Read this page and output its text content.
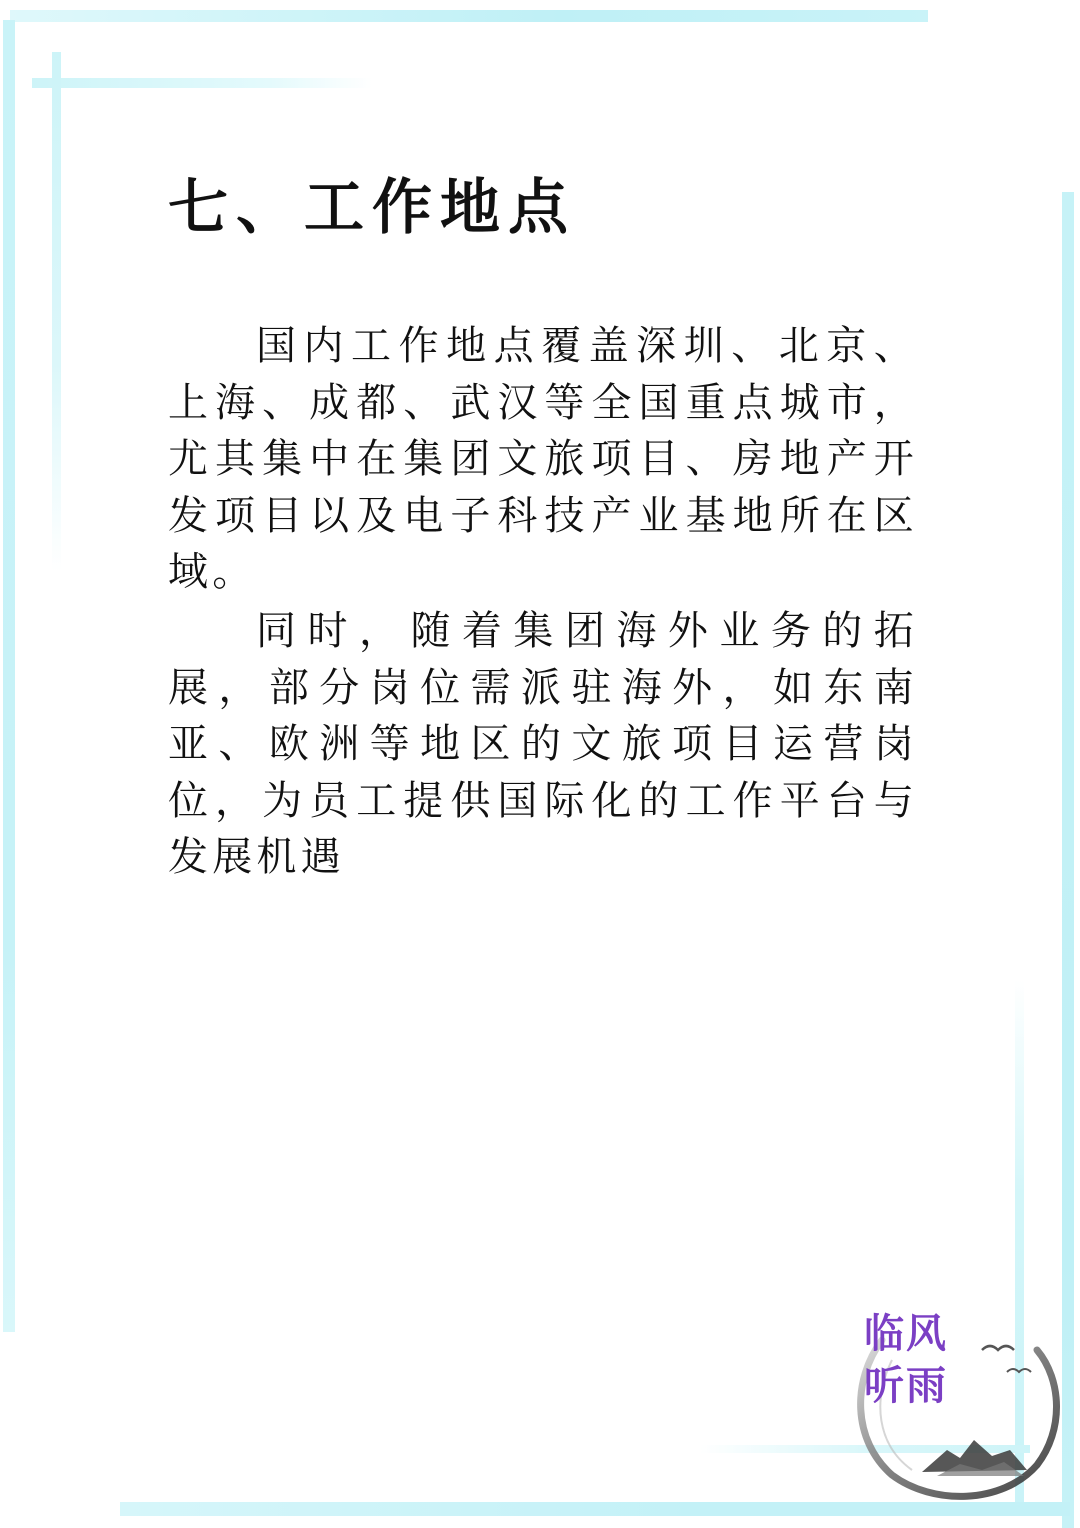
七、工作地点

国内工作地点覆盖深圳、北京、上海、成都、武汉等全国重点城市，尤其集中在集团文旅项目、房地产开发项目以及电子科技产业基地所在区域。

同时，随着集团海外业务的拓展，部分岗位需派驻海外，如东南亚、欧洲等地区的文旅项目运营岗位，为员工提供国际化的工作平台与发展机遇

临风
听雨
